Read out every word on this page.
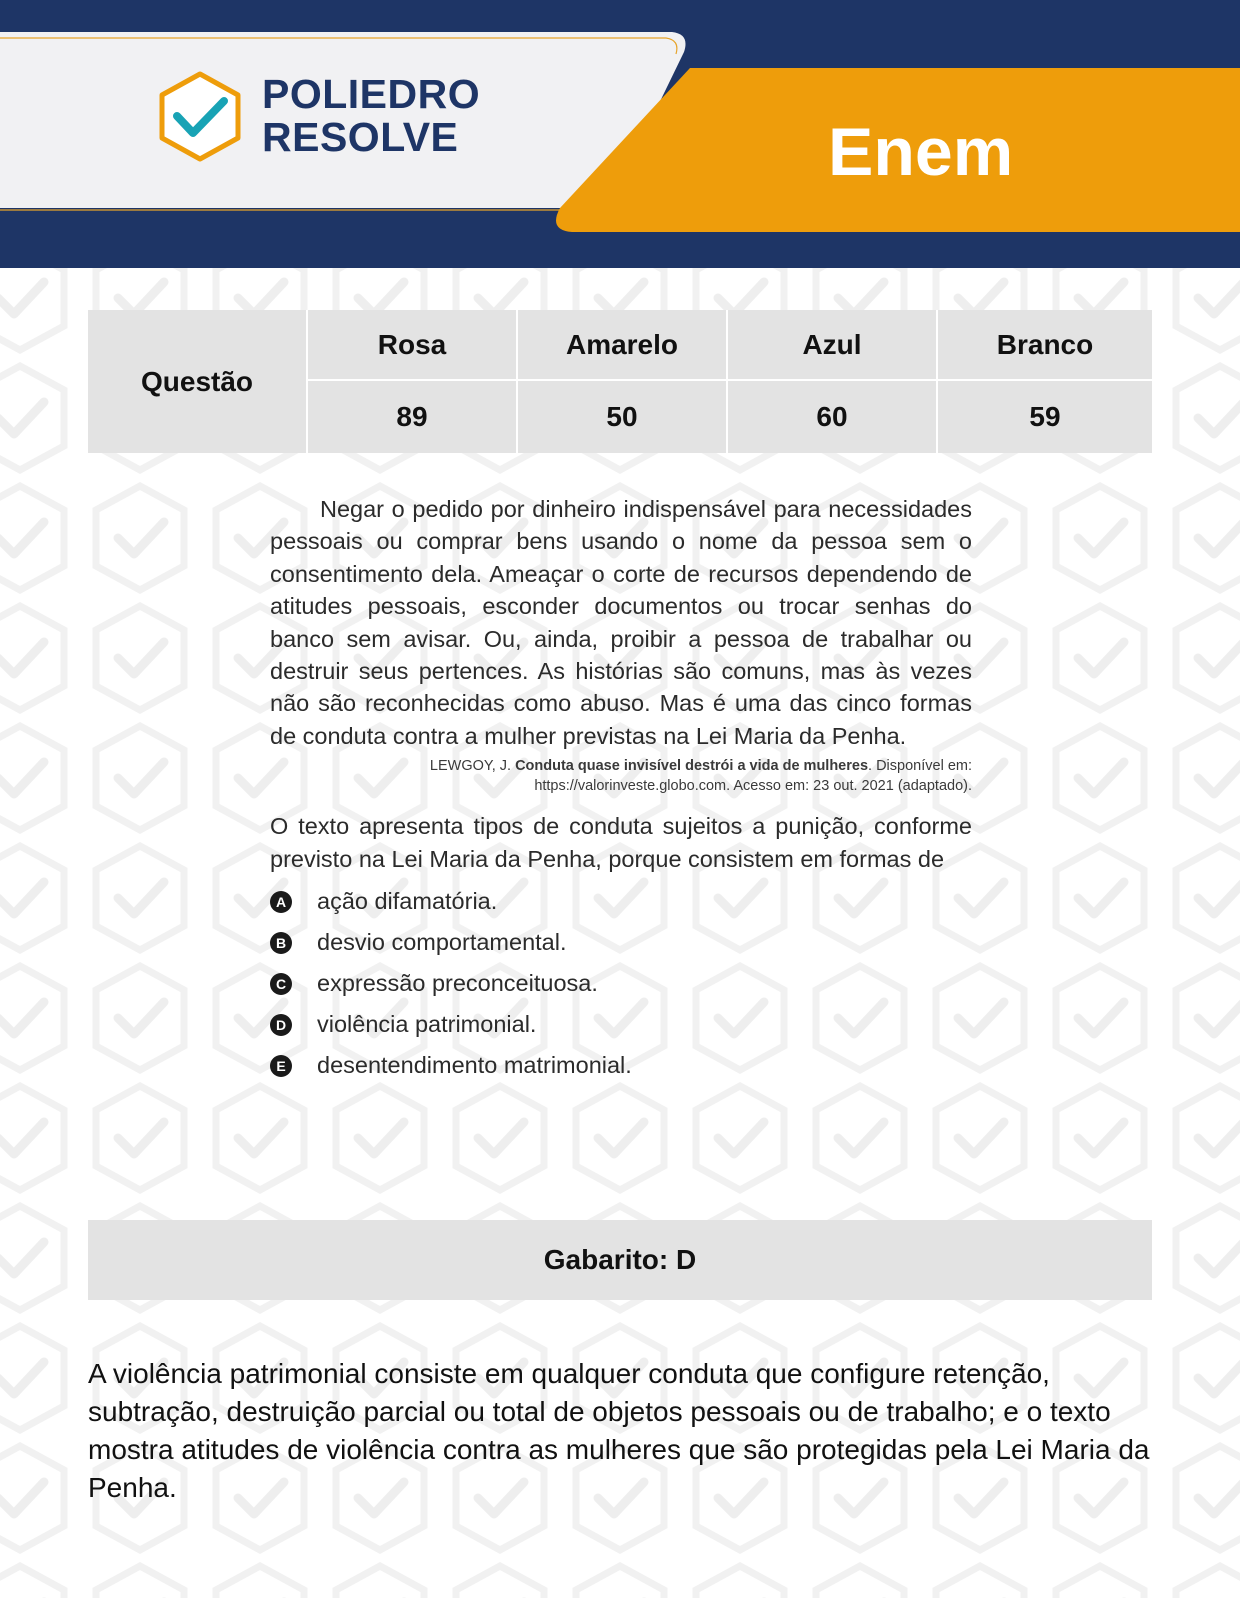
POLIEDRO
RESOLVE	Enem
Questão
Rosa	Amarelo	Azul	Branco
89	50	60	59

Negar o pedido por dinheiro indispensável para necessidades pessoais ou comprar bens usando o nome da pessoa sem o consentimento dela. Ameaçar o corte de recursos dependendo de atitudes pessoais, esconder documentos ou trocar senhas do banco sem avisar. Ou, ainda, proibir a pessoa de trabalhar ou destruir seus pertences. As histórias são comuns, mas às vezes não são reconhecidas como abuso. Mas é uma das cinco formas de conduta contra a mulher previstas na Lei Maria da Penha.

LEWGOY, J. Conduta quase invisível destrói a vida de mulheres. Disponível em:
https://valorinveste.globo.com. Acesso em: 23 out. 2021 (adaptado).

O texto apresenta tipos de conduta sujeitos a punição, conforme previsto na Lei Maria da Penha, porque consistem em formas de

A ação difamatória.
B desvio comportamental.
C expressão preconceituosa.
D violência patrimonial.
E desentendimento matrimonial.
Gabarito: D
A violência patrimonial consiste em qualquer conduta que configure retenção, subtração, destruição parcial ou total de objetos pessoais ou de trabalho; e o texto mostra atitudes de violência contra as mulheres que são protegidas pela Lei Maria da Penha.
